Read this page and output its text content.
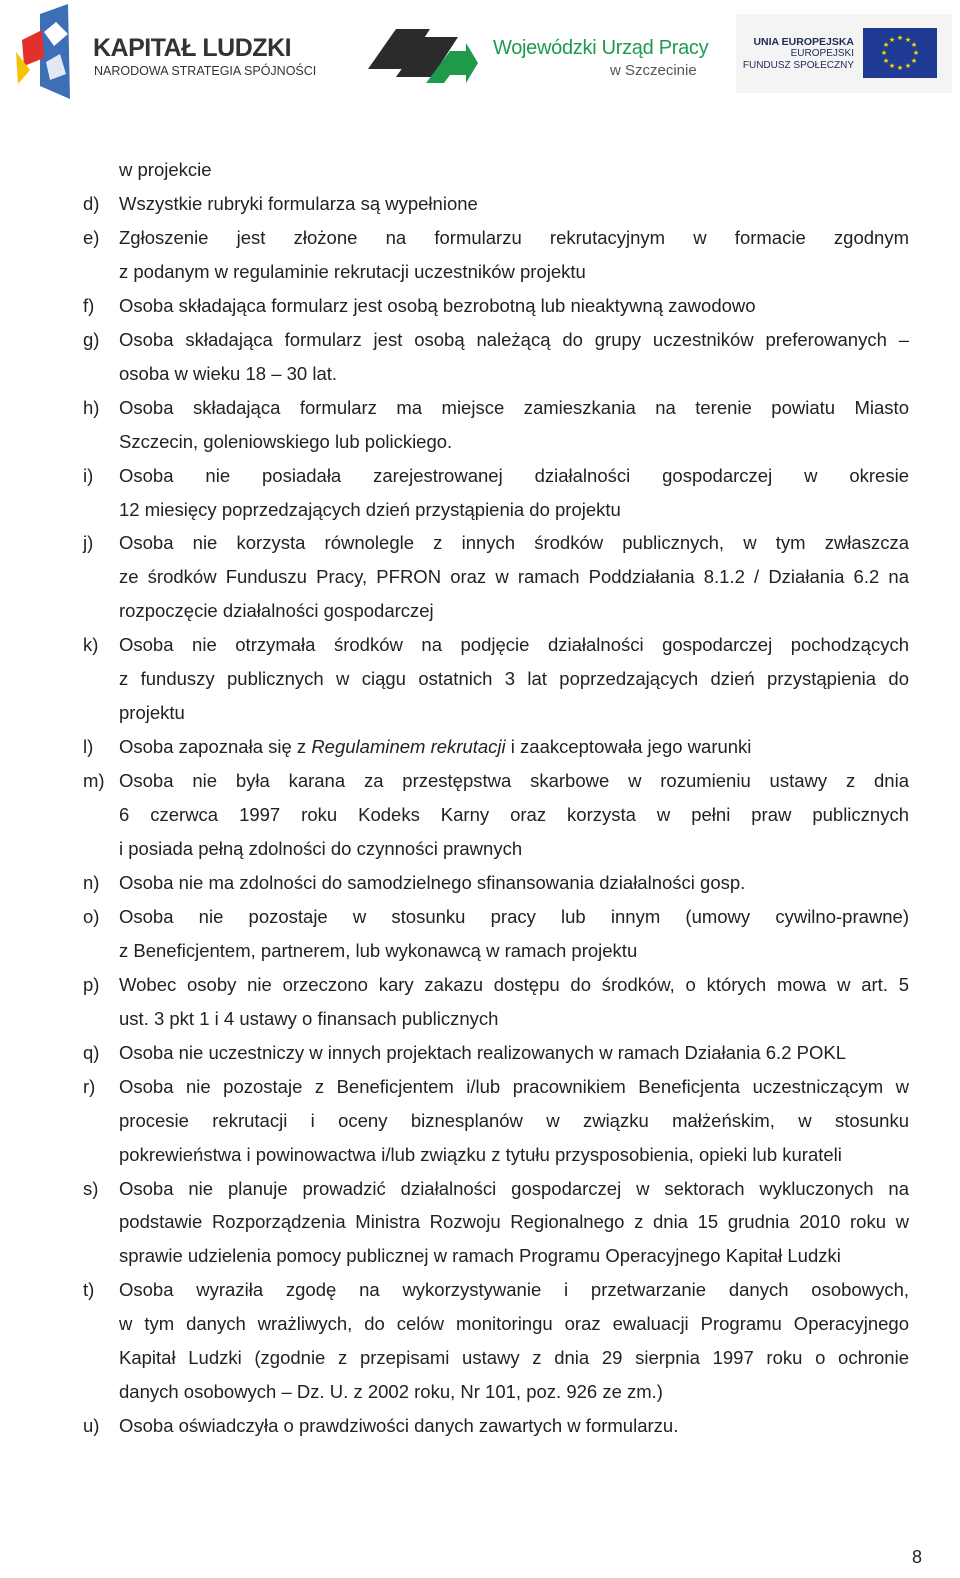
KAPITAŁ LUDZKI
NARODOWA STRATEGIA SPÓJNOŚCI
Wojewódzki Urząd Pracy
w Szczecinie
UNIA EUROPEJSKA
EUROPEJSKI
FUNDUSZ SPOŁECZNY
★ ★
★
★
★
★
★
★
★
★
★
★
w projekcie
d) Wszystkie rubryki formularza są wypełnione
e) Zgłoszenie jest złożone na formularzu rekrutacyjnym w formacie zgodnym
z podanym w regulaminie rekrutacji uczestników projektu
f) Osoba składająca formularz jest osobą bezrobotną lub nieaktywną zawodowo
g) Osoba składająca formularz jest osobą należącą do grupy uczestników preferowanych –
osoba w wieku 18 – 30 lat.
h) Osoba składająca formularz ma miejsce zamieszkania na terenie powiatu Miasto
Szczecin, goleniowskiego lub polickiego.
i) Osoba nie posiadała zarejestrowanej działalności gospodarczej w okresie
12 miesięcy poprzedzających dzień przystąpienia do projektu
j) Osoba nie korzysta równolegle z innych środków publicznych, w tym zwłaszcza
ze środków Funduszu Pracy, PFRON oraz w ramach Poddziałania 8.1.2 / Działania 6.2 na
rozpoczęcie działalności gospodarczej
k) Osoba nie otrzymała środków na podjęcie działalności gospodarczej pochodzących
z funduszy publicznych w ciągu ostatnich 3 lat poprzedzających dzień przystąpienia do
projektu
l) Osoba zapoznała się z Regulaminem rekrutacji i zaakceptowała jego warunki
m) Osoba nie była karana za przestępstwa skarbowe w rozumieniu ustawy z dnia
6 czerwca 1997 roku Kodeks Karny oraz korzysta w pełni praw publicznych
i posiada pełną zdolności do czynności prawnych
n) Osoba nie ma zdolności do samodzielnego sfinansowania działalności gosp.
o) Osoba nie pozostaje w stosunku pracy lub innym (umowy cywilno-prawne)
z Beneficjentem, partnerem, lub wykonawcą w ramach projektu
p) Wobec osoby nie orzeczono kary zakazu dostępu do środków, o których mowa w art. 5
ust. 3 pkt 1 i 4 ustawy o finansach publicznych
q) Osoba nie uczestniczy w innych projektach realizowanych w ramach Działania 6.2 POKL
r) Osoba nie pozostaje z Beneficjentem i/lub pracownikiem Beneficjenta uczestniczącym w
procesie rekrutacji i oceny biznesplanów w związku małżeńskim, w stosunku
pokrewieństwa i powinowactwa i/lub związku z tytułu przysposobienia, opieki lub kurateli
s) Osoba nie planuje prowadzić działalności gospodarczej w sektorach wykluczonych na
podstawie Rozporządzenia Ministra Rozwoju Regionalnego z dnia 15 grudnia 2010 roku w
sprawie udzielenia pomocy publicznej w ramach Programu Operacyjnego Kapitał Ludzki
t) Osoba wyraziła zgodę na wykorzystywanie i przetwarzanie danych osobowych,
w tym danych wrażliwych, do celów monitoringu oraz ewaluacji Programu Operacyjnego
Kapitał Ludzki (zgodnie z przepisami ustawy z dnia 29 sierpnia 1997 roku o ochronie
danych osobowych – Dz. U. z 2002 roku, Nr 101, poz. 926 ze zm.)
u) Osoba oświadczyła o prawdziwości danych zawartych w formularzu.
8
